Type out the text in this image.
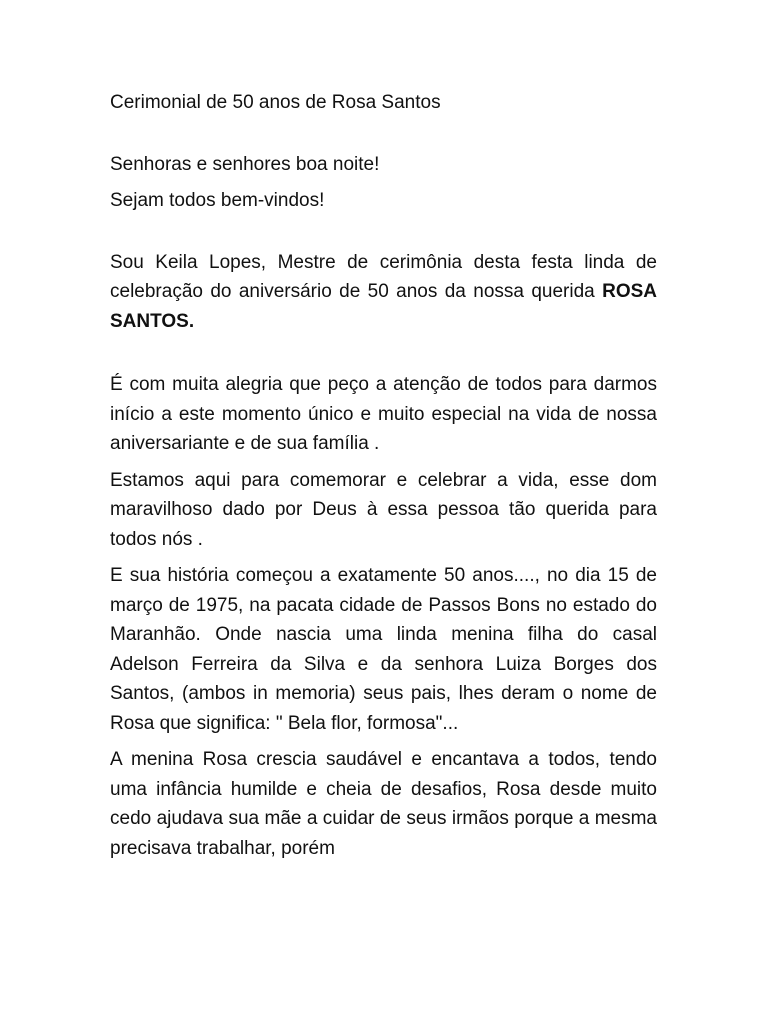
Cerimonial de 50 anos de Rosa Santos

Senhoras e senhores boa noite!

Sejam todos bem-vindos!

Sou Keila Lopes, Mestre de cerimônia desta festa linda de celebração do aniversário de 50 anos da nossa querida ROSA SANTOS.

É com muita alegria que peço a atenção de todos para darmos início a este momento único e muito especial na vida de nossa aniversariante e de sua família .

Estamos aqui para comemorar e celebrar a vida, esse dom maravilhoso dado por Deus à essa pessoa tão querida para todos nós .

E sua história começou a exatamente 50 anos...., no dia 15 de março de 1975, na pacata cidade de Passos Bons no estado do Maranhão. Onde nascia uma linda menina filha do casal Adelson Ferreira da Silva e da senhora Luiza Borges dos Santos, (ambos in memoria) seus pais, lhes deram o nome de Rosa que significa: " Bela flor, formosa"...

A menina Rosa crescia saudável e encantava a todos, tendo uma infância humilde e cheia de desafios, Rosa desde muito cedo ajudava sua mãe a cuidar de seus irmãos porque a mesma precisava trabalhar, porém
